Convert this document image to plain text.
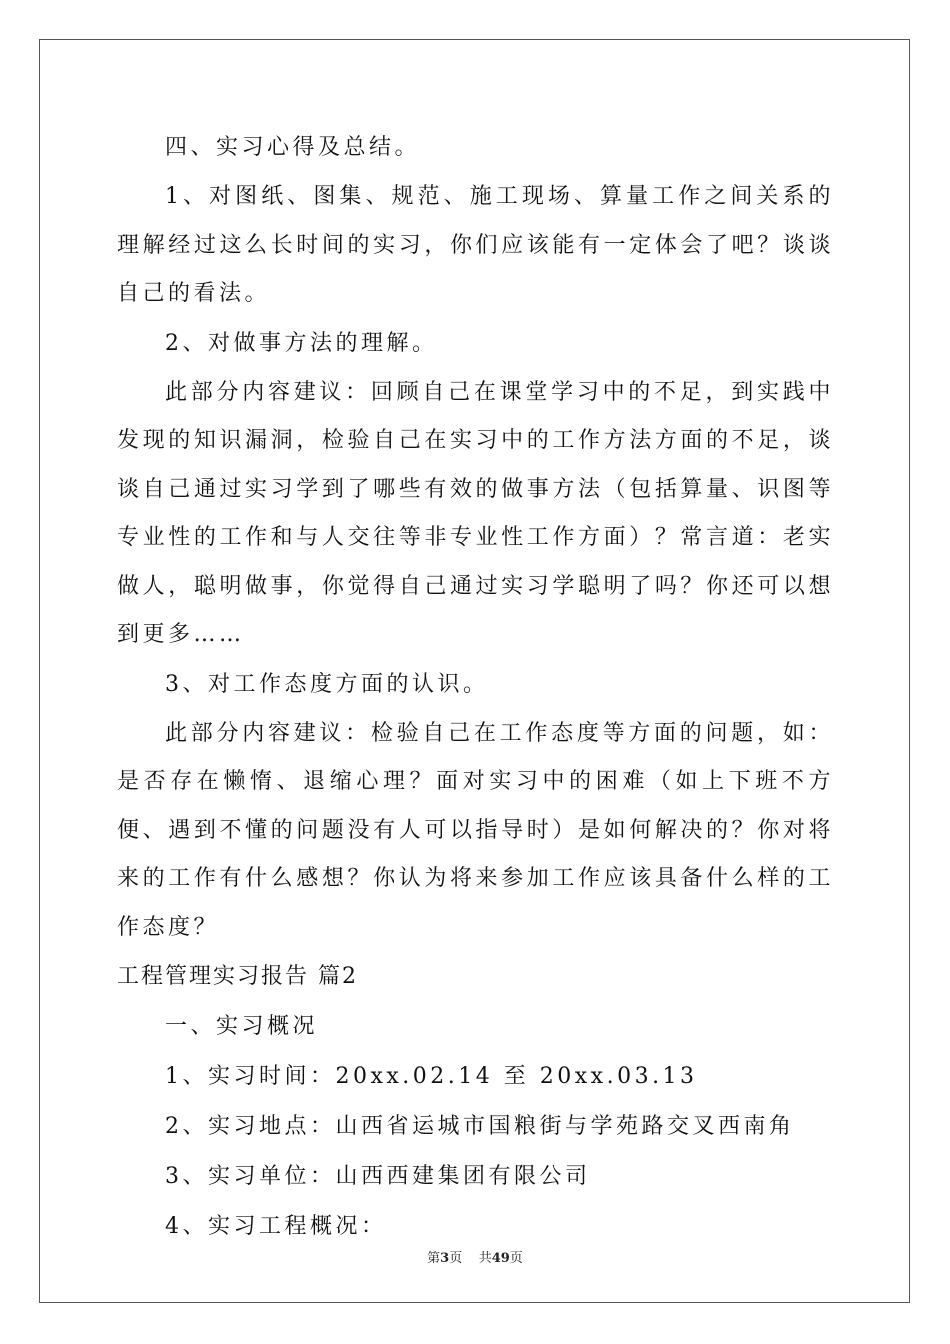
四、实习心得及总结。

1、对图纸、图集、规范、施工现场、算量工作之间关系的理解经过这么长时间的实习，你们应该能有一定体会了吧？谈谈自己的看法。

2、对做事方法的理解。

此部分内容建议：回顾自己在课堂学习中的不足，到实践中发现的知识漏洞，检验自己在实习中的工作方法方面的不足，谈谈自己通过实习学到了哪些有效的做事方法（包括算量、识图等专业性的工作和与人交往等非专业性工作方面）？常言道：老实做人，聪明做事，你觉得自己通过实习学聪明了吗？你还可以想到更多……

3、对工作态度方面的认识。

此部分内容建议：检验自己在工作态度等方面的问题，如：是否存在懒惰、退缩心理？面对实习中的困难（如上下班不方便、遇到不懂的问题没有人可以指导时）是如何解决的？你对将来的工作有什么感想？你认为将来参加工作应该具备什么样的工作态度？

工程管理实习报告 篇2

一、实习概况

1、实习时间：20xx.02.14 至 20xx.03.13

2、实习地点：山西省运城市国粮街与学苑路交叉西南角

3、实习单位：山西西建集团有限公司

4、实习工程概况：

第3页 共49页
